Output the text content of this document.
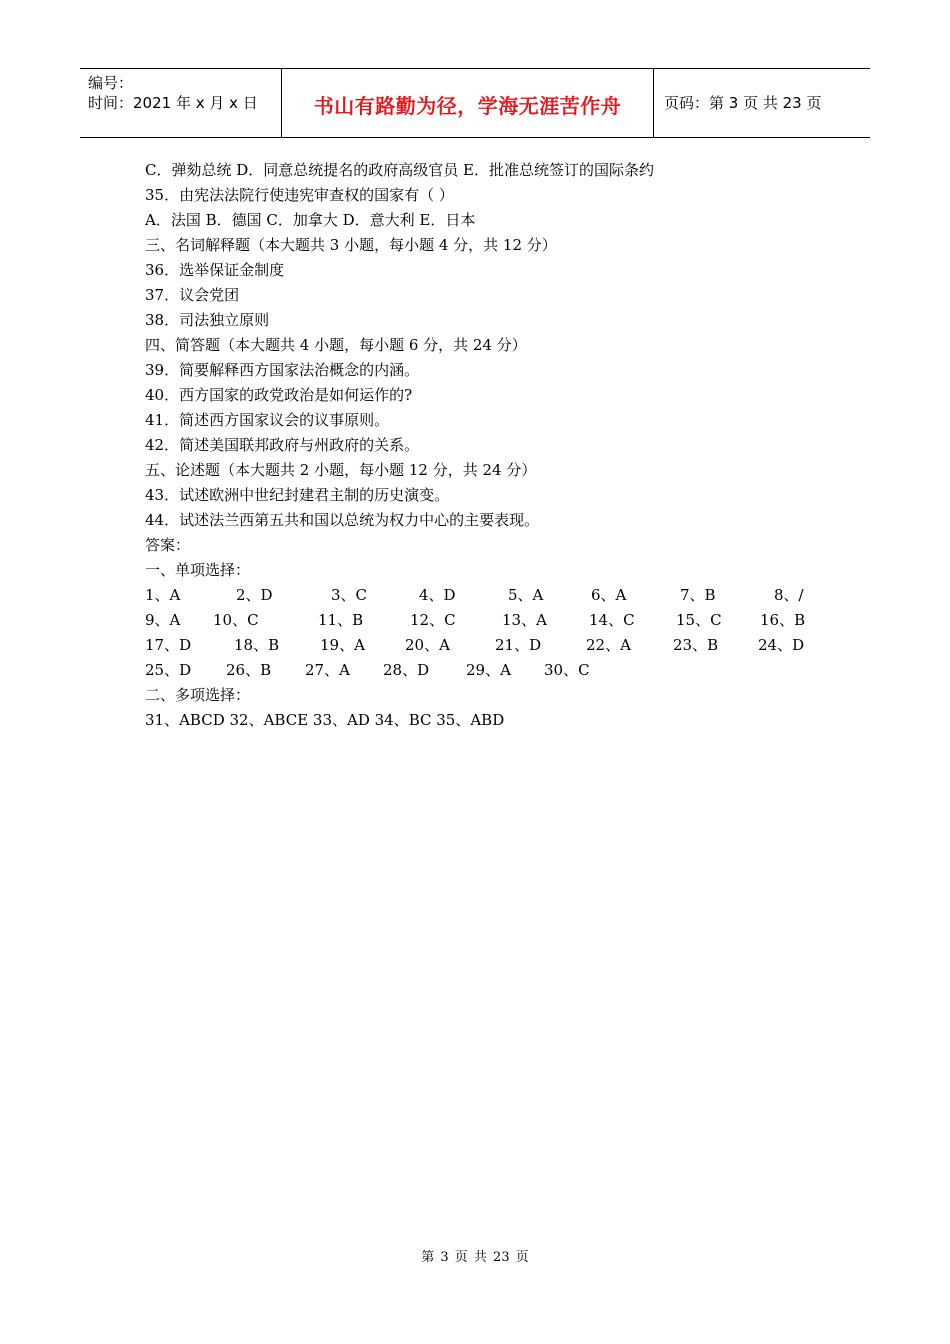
编号：
时间：2021 年 x 月 x 日	书山有路勤为径，学海无涯苦作舟	页码：第 3 页 共 23 页
C．弹劾总统 D．同意总统提名的政府高级官员 E．批准总统签订的国际条约
35．由宪法法院行使违宪审查权的国家有（ ）
A．法国 B．德国 C．加拿大 D．意大利 E．日本
三、名词解释题（本大题共 3 小题，每小题 4 分，共 12 分）
36．选举保证金制度
37．议会党团
38．司法独立原则
四、简答题（本大题共 4 小题，每小题 6 分，共 24 分）
39．简要解释西方国家法治概念的内涵。
40．西方国家的政党政治是如何运作的?
41．简述西方国家议会的议事原则。
42．简述美国联邦政府与州政府的关系。
五、论述题（本大题共 2 小题，每小题 12 分，共 24 分）
43．试述欧洲中世纪封建君主制的历史演变。
44．试述法兰西第五共和国以总统为权力中心的主要表现。
答案：
一、单项选择：
1、A	2、D	3、C	4、D	5、A	6、A	7、B	8、/
9、A 10、C	11、B	12、C	13、A	14、C	15、C	16、B
17、D	18、B	19、A	20、A	21、D	22、A	23、B	24、D
25、D 26、B 27、A 28、D 29、A 30、C
二、多项选择：
31、ABCD 32、ABCE 33、AD 34、BC 35、ABD
第 3 页 共 23 页
